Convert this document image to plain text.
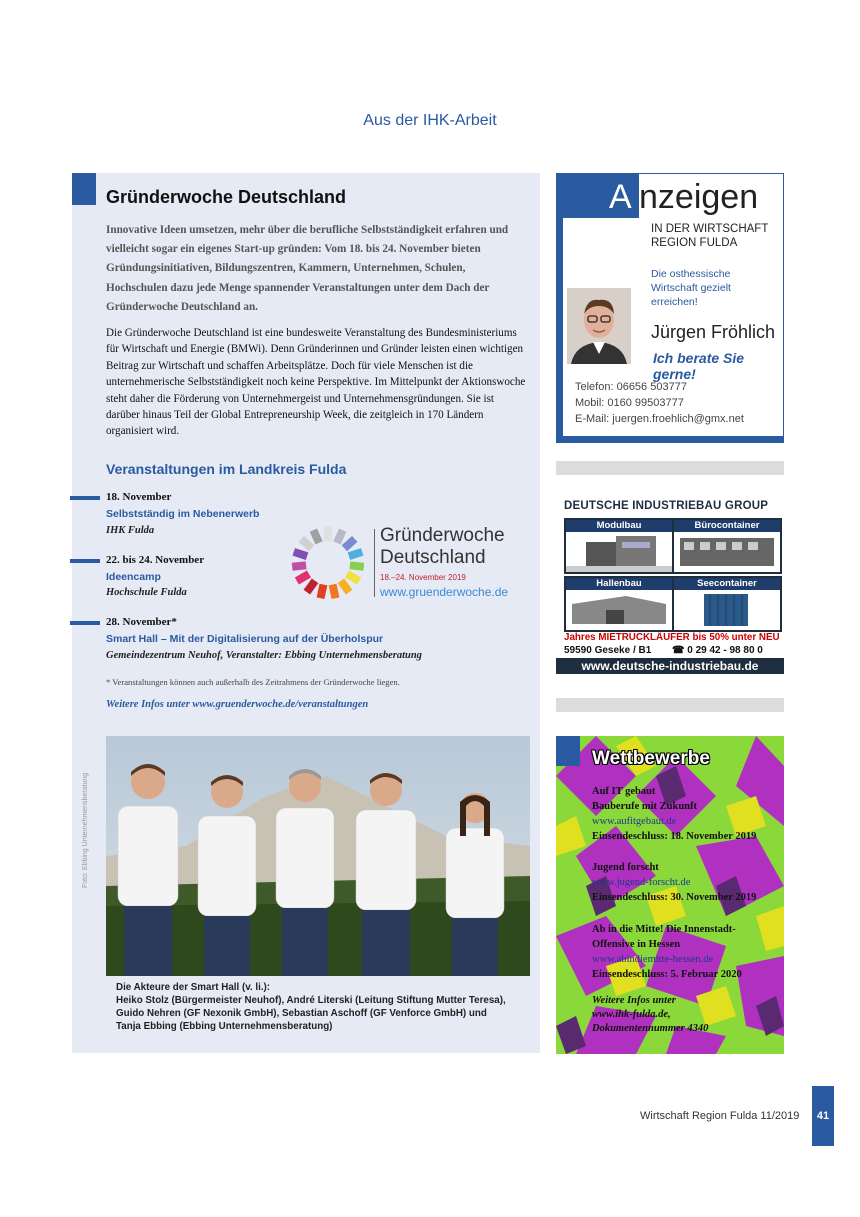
Aus der IHK-Arbeit
Gründerwoche Deutschland
Innovative Ideen umsetzen, mehr über die berufliche Selbstständigkeit erfahren und vielleicht sogar ein eigenes Start-up gründen: Vom 18. bis 24. November bieten Gründungsinitiativen, Bildungszentren, Kammern, Unternehmen, Schulen, Hochschulen dazu jede Menge spannender Veranstaltungen unter dem Dach der Gründerwoche Deutschland an.
Die Gründerwoche Deutschland ist eine bundesweite Veranstaltung des Bundesministeriums für Wirtschaft und Energie (BMWi). Denn Gründerinnen und Gründer leisten einen wichtigen Beitrag zur Wirtschaft und schaffen Arbeitsplätze. Doch für viele Menschen ist die unternehmerische Selbstständigkeit noch keine Perspektive. Im Mittelpunkt der Aktionswoche steht daher die Förderung von Unternehmergeist und Unternehmensgründungen. Sie ist darüber hinaus Teil der Global Entrepreneurship Week, die zeitgleich in 170 Ländern organisiert wird.
Veranstaltungen im Landkreis Fulda
18. November
Selbstständig im Nebenerwerb
IHK Fulda
22. bis 24. November
Ideencamp
Hochschule Fulda
28. November*
Smart Hall – Mit der Digitalisierung auf der Überholspur
Gemeindezentrum Neuhof, Veranstalter: Ebbing Unternehmensberatung
Gründerwoche
Deutschland
18.–24. November 2019
www.gruenderwoche.de
* Veranstaltungen können auch außerhalb des Zeitrahmens der Gründerwoche liegen.
Weitere Infos unter www.gruenderwoche.de/veranstaltungen
Foto: Ebbing Unternehmensberatung
Die Akteure der Smart Hall (v. li.):
Heiko Stolz (Bürgermeister Neuhof), André Literski (Leitung Stiftung Mutter Teresa),
Guido Nehren (GF Nexonik GmbH), Sebastian Aschoff (GF Venforce GmbH) und
Tanja Ebbing (Ebbing Unternehmensberatung)
A nzeigen
IN DER WIRTSCHAFT
REGION FULDA
Die osthessische
Wirtschaft gezielt
erreichen!
Jürgen Fröhlich
Ich berate Sie gerne!
Telefon: 06656 503777
Mobil: 0160 99503777
E-Mail: juergen.froehlich@gmx.net
DEUTSCHE INDUSTRIEBAU GROUP
Modulbau	Bürocontainer
Hallenbau	Seecontainer
Jahres MIETRÜCKLÄUFER bis 50% unter NEU
59590 Geseke / B1 ☎ 0 29 42 - 98 80 0
www.deutsche-industriebau.de
Wettbewerbe
Auf IT gebaut
Bauberufe mit Zukunft
www.aufitgebaut.de
Einsendeschluss: 18. November 2019
Jugend forscht
www.jugend-forscht.de
Einsendeschluss: 30. November 2019
Ab in die Mitte! Die Innenstadt-
Offensive in Hessen
www.abindiemitte-hessen.de
Einsendeschluss: 5. Februar 2020
Weitere Infos unter
www.ihk-fulda.de,
Dokumentennummer 4340
Wirtschaft Region Fulda 11/2019	41
